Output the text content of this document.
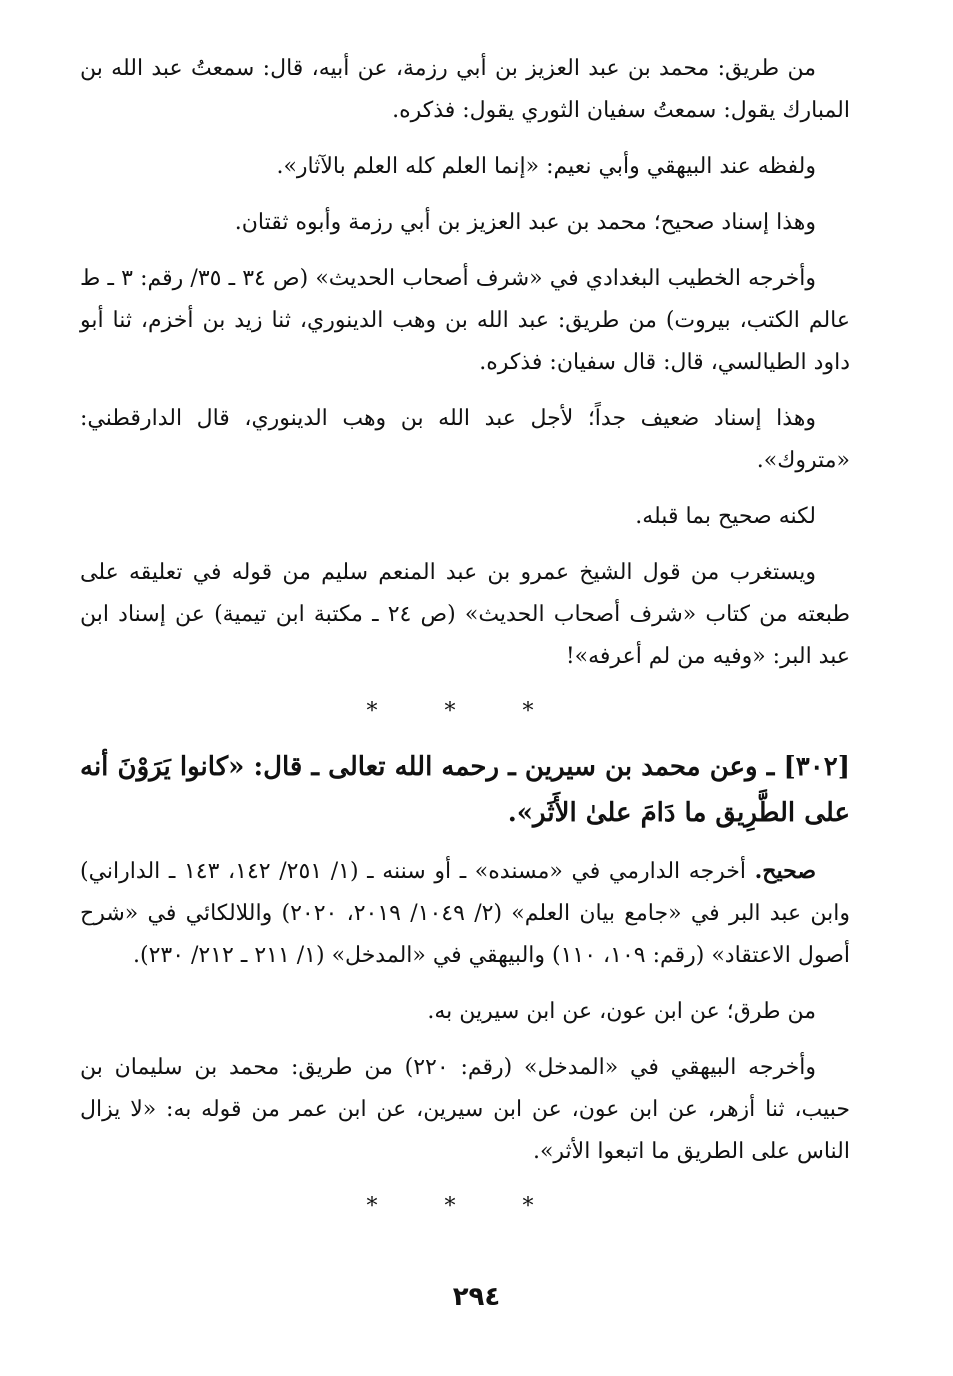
من طريق: محمد بن عبد العزيز بن أبي رزمة، عن أبيه، قال: سمعتُ عبد الله بن المبارك يقول: سمعتُ سفيان الثوري يقول: فذكره.

ولفظه عند البيهقي وأبي نعيم: «إنما العلم كله العلم بالآثار».

وهذا إسناد صحيح؛ محمد بن عبد العزيز بن أبي رزمة وأبوه ثقتان.

وأخرجه الخطيب البغدادي في «شرف أصحاب الحديث» (ص ٣٤ ـ ٣٥/ رقم: ٣ ـ ط عالم الكتب، بيروت) من طريق: عبد الله بن وهب الدينوري، ثنا زيد بن أخزم، ثنا أبو داود الطيالسي، قال: قال سفيان: فذكره.

وهذا إسناد ضعيف جداً؛ لأجل عبد الله بن وهب الدينوري، قال الدارقطني: «متروك».

لكنه صحيح بما قبله.

ويستغرب من قول الشيخ عمرو بن عبد المنعم سليم من قوله في تعليقه على طبعته من كتاب «شرف أصحاب الحديث» (ص ٢٤ ـ مكتبة ابن تيمية) عن إسناد ابن عبد البر: «وفيه من لم أعرفه»!

* * *

[٣٠٢] ـ وعن محمد بن سيرين ـ رحمه الله تعالى ـ قال: «كانوا يَرَوْنَ أنه على الطَّرِيق ما دَامَ علىٰ الأَثَر».

صحيح. أخرجه الدارمي في «مسنده» ـ أو سننه ـ (١/ ٢٥١/ ١٤٢، ١٤٣ ـ الداراني) وابن عبد البر في «جامع بيان العلم» (٢/ ١٠٤٩/ ٢٠١٩، ٢٠٢٠) واللالكائي في «شرح أصول الاعتقاد» (رقم: ١٠٩، ١١٠) والبيهقي في «المدخل» (١/ ٢١١ ـ ٢١٢/ ٢٣٠).

من طرق؛ عن ابن عون، عن ابن سيرين به.

وأخرجه البيهقي في «المدخل» (رقم: ٢٢٠) من طريق: محمد بن سليمان بن حبيب، ثنا أزهر، عن ابن عون، عن ابن سيرين، عن ابن عمر من قوله به: «لا يزال الناس على الطريق ما اتبعوا الأثر».

* * *
٢٩٤
